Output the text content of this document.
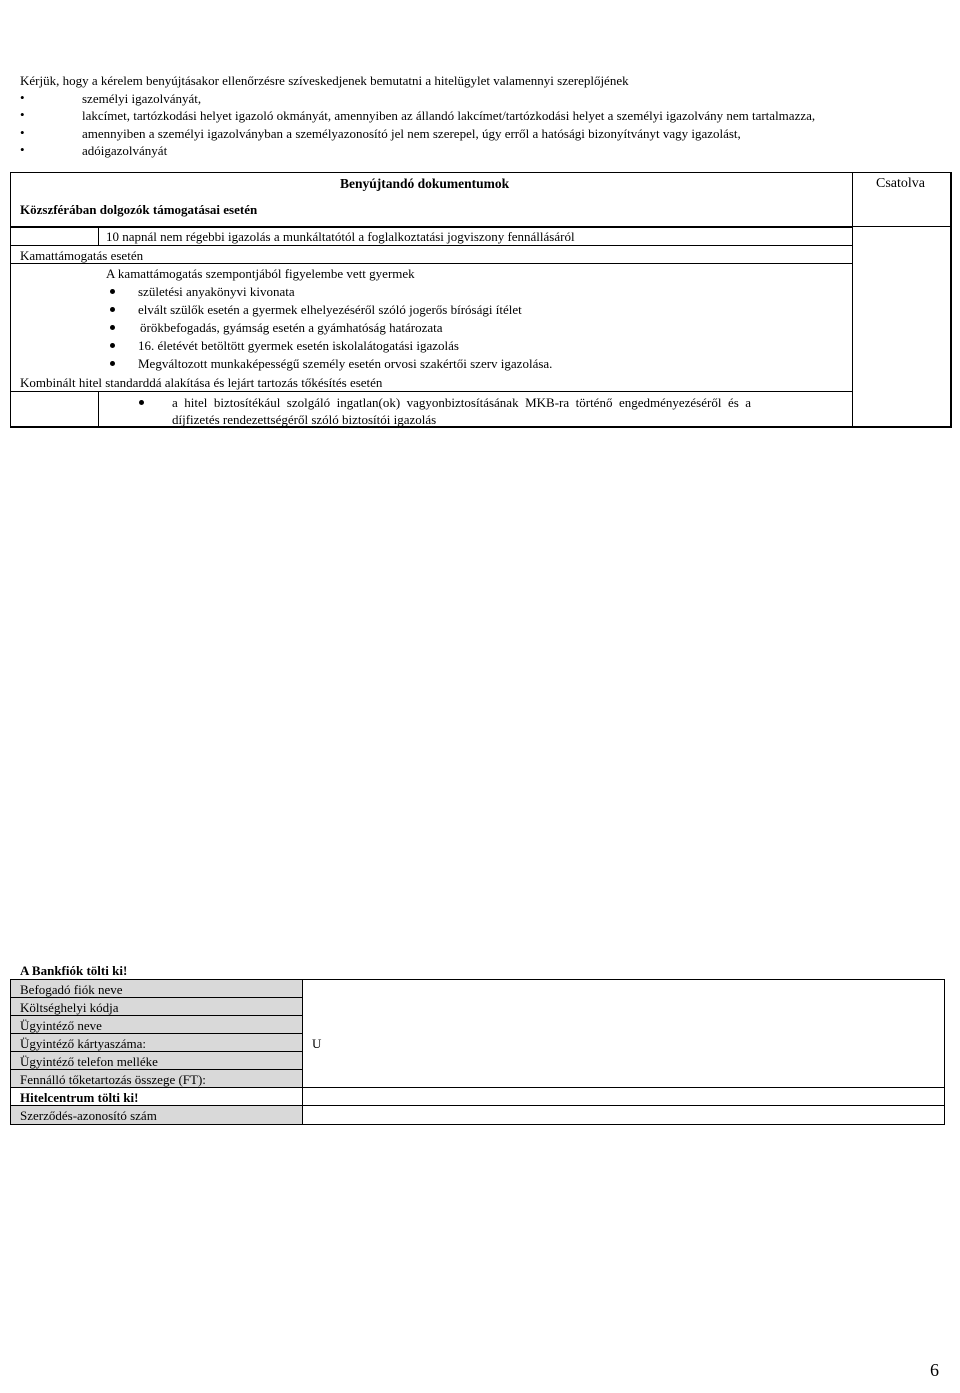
Kérjük, hogy a kérelem benyújtásakor ellenőrzésre szíveskedjenek bemutatni a hitelügylet valamennyi szereplőjének
•	személyi igazolványát,
•	lakcímet, tartózkodási helyet igazoló okmányát, amennyiben az állandó lakcímet/tartózkodási helyet a személyi igazolvány nem tartalmazza,
•	amennyiben a személyi igazolványban a személyazonosító jel nem szerepel, úgy erről a hatósági bizonyítványt vagy igazolást,
•	adóigazolványát
Benyújtandó dokumentumok	Csatolva
Közszférában dolgozók támogatásai esetén
10 napnál nem régebbi igazolás a munkáltatótól a foglalkoztatási jogviszony fennállásáról
Kamattámogatás esetén
A kamattámogatás szempontjából figyelembe vett gyermek
születési anyakönyvi kivonata
elvált szülők esetén a gyermek elhelyezéséről szóló jogerős bírósági ítélet
örökbefogadás, gyámság esetén a gyámhatóság határozata
16. életévét betöltött gyermek esetén iskolalátogatási igazolás
Megváltozott munkaképességű személy esetén orvosi szakértői szerv igazolása.
Kombinált hitel standarddá alakítása és lejárt tartozás tőkésítés esetén
a  hitel  biztosítékául  szolgáló  ingatlan(ok)  vagyonbiztosításának  MKB-ra  történő  engedményezéséről  és  a
díjfizetés rendezettségéről szóló biztosítói igazolás
A Bankfiók tölti ki!
Befogadó fiók neve
Költséghelyi kódja
Ügyintéző neve
Ügyintéző kártyaszáma:	U
Ügyintéző telefon melléke
Fennálló tőketartozás összege (FT):
Hitelcentrum tölti ki!
Szerződés-azonosító szám
6
